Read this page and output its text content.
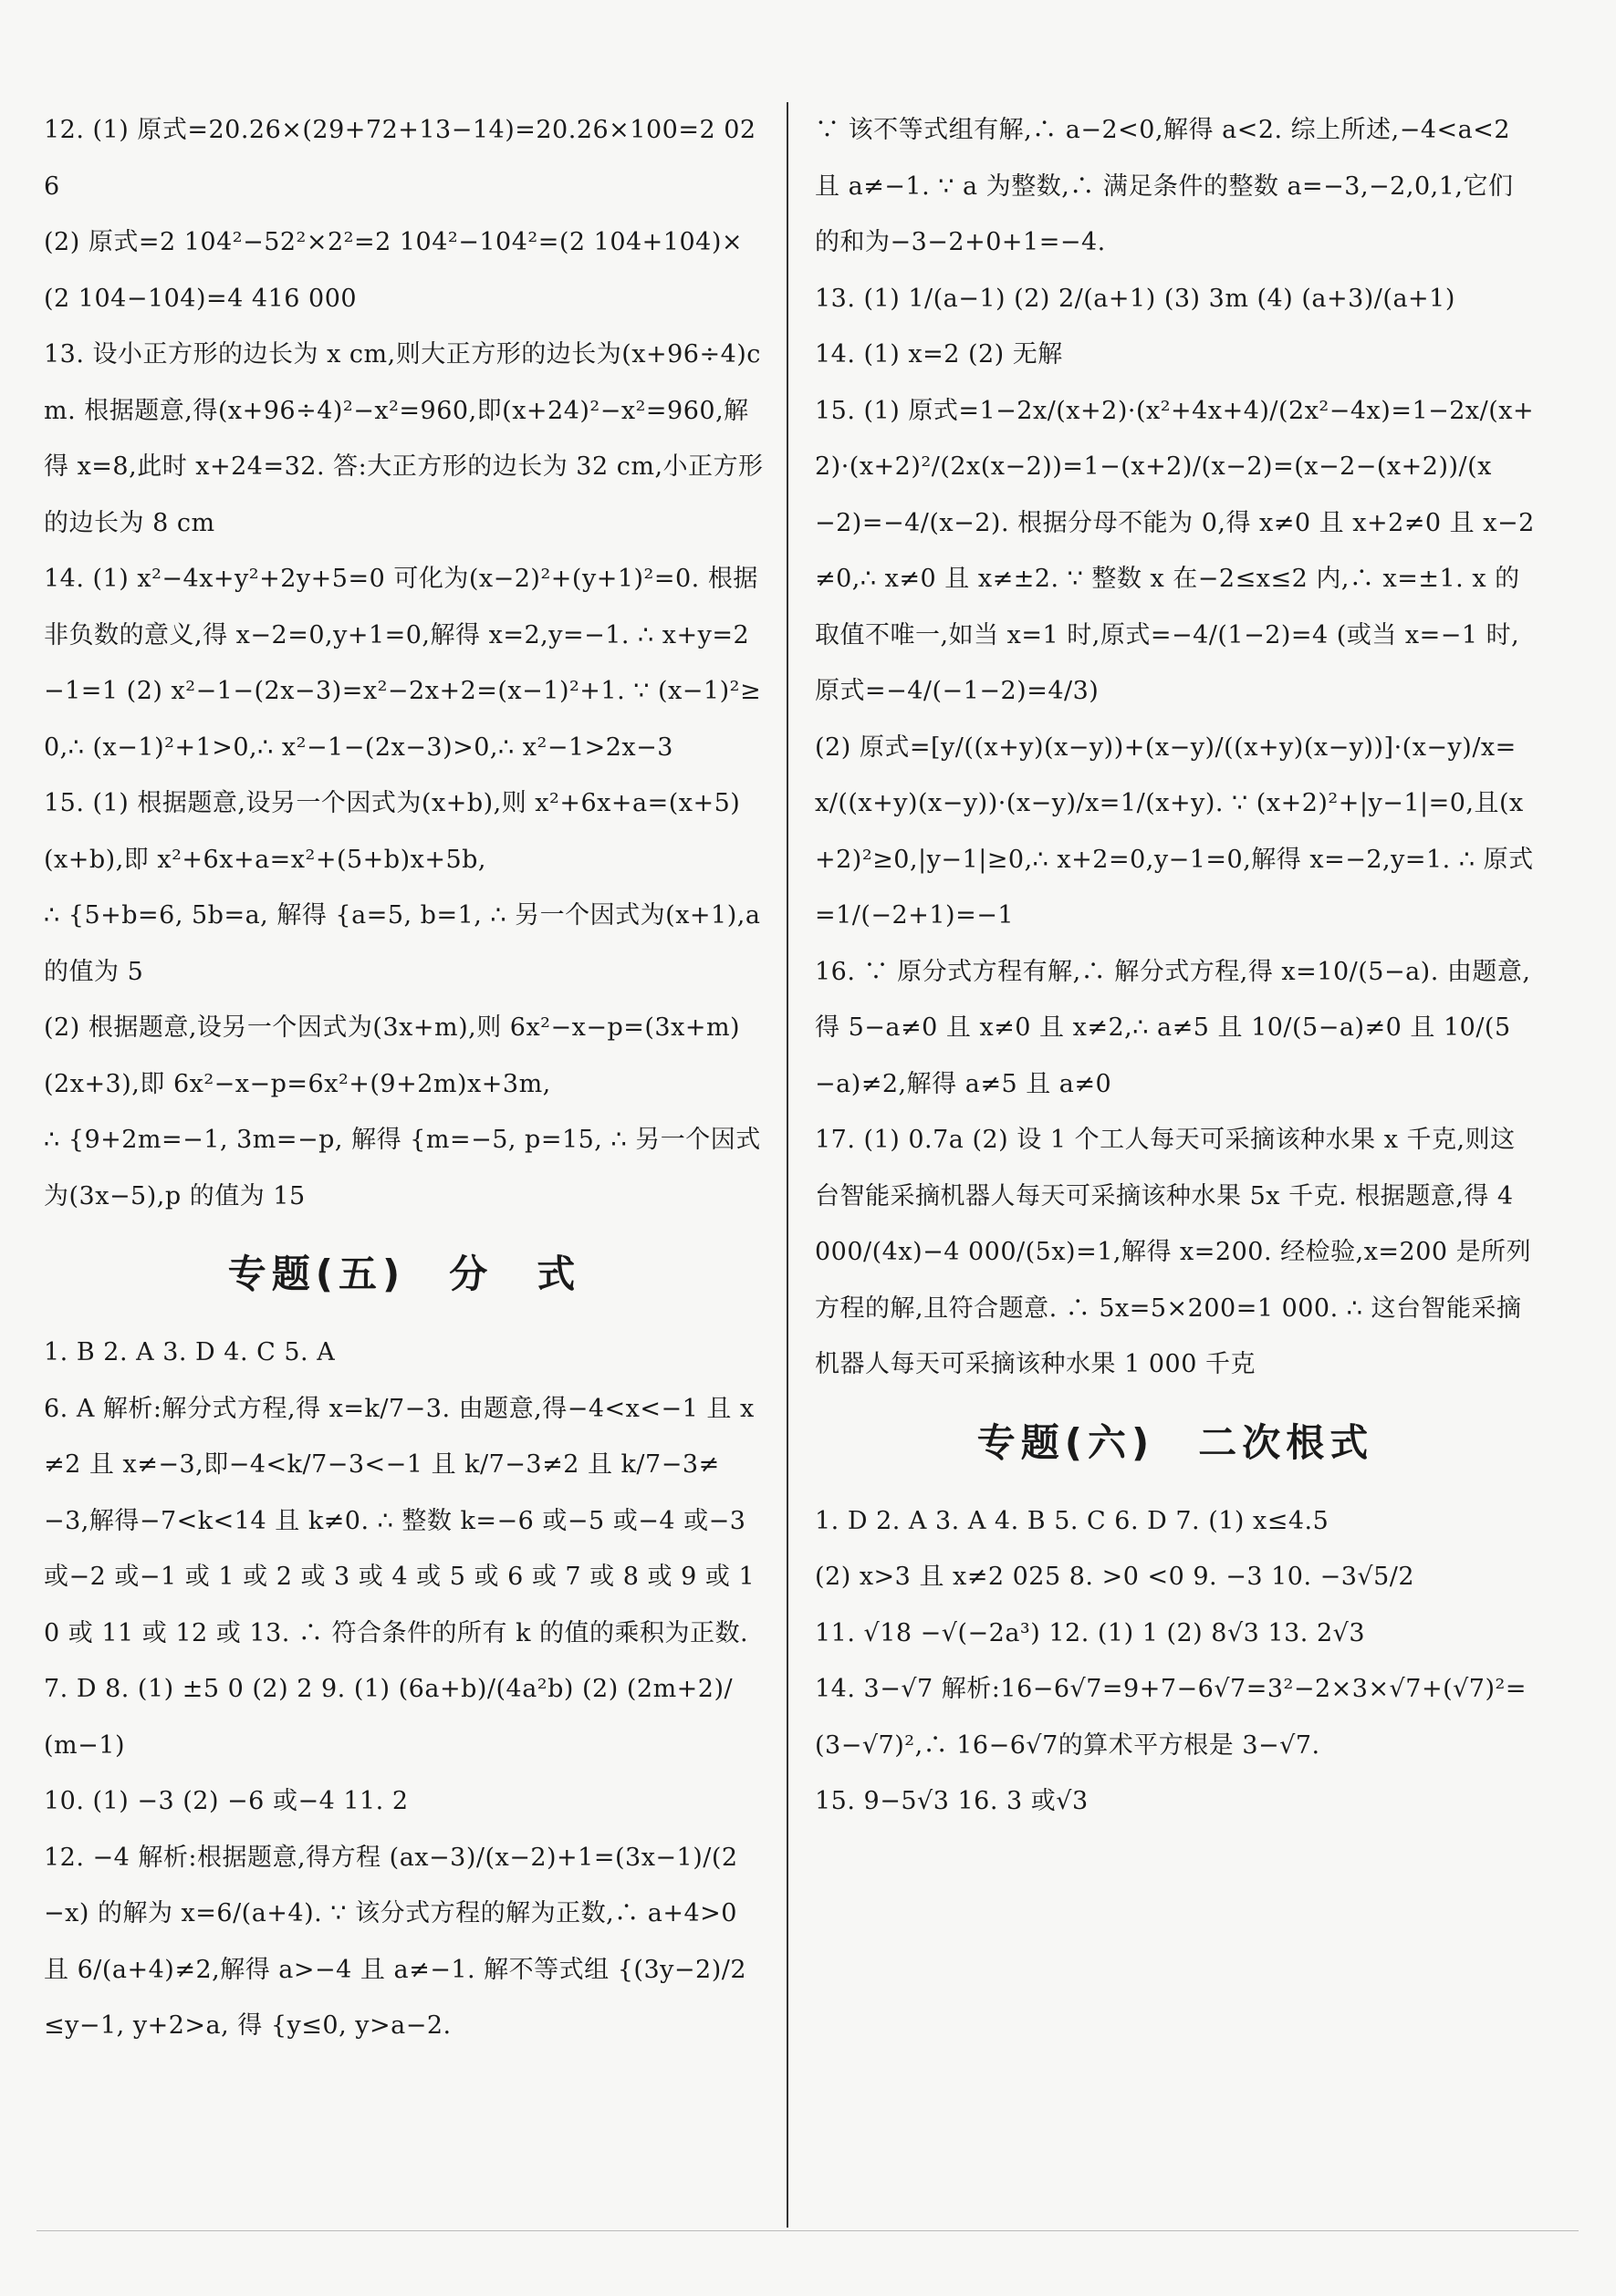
12. (1) 原式=20.26×(29+72+13−14)=20.26×100=2 026

(2) 原式=2 104²−52²×2²=2 104²−104²=(2 104+104)×(2 104−104)=4 416 000

13. 设小正方形的边长为 x cm,则大正方形的边长为(x+96÷4)cm. 根据题意,得(x+96÷4)²−x²=960,即(x+24)²−x²=960,解得 x=8,此时 x+24=32. 答:大正方形的边长为 32 cm,小正方形的边长为 8 cm

14. (1) x²−4x+y²+2y+5=0 可化为(x−2)²+(y+1)²=0. 根据非负数的意义,得 x−2=0,y+1=0,解得 x=2,y=−1. ∴ x+y=2−1=1 (2) x²−1−(2x−3)=x²−2x+2=(x−1)²+1. ∵ (x−1)²≥0,∴ (x−1)²+1>0,∴ x²−1−(2x−3)>0,∴ x²−1>2x−3

15. (1) 根据题意,设另一个因式为(x+b),则 x²+6x+a=(x+5)(x+b),即 x²+6x+a=x²+(5+b)x+5b,

∴ {5+b=6, 5b=a, 解得 {a=5, b=1, ∴ 另一个因式为(x+1),a 的值为 5

(2) 根据题意,设另一个因式为(3x+m),则 6x²−x−p=(3x+m)(2x+3),即 6x²−x−p=6x²+(9+2m)x+3m,

∴ {9+2m=−1, 3m=−p, 解得 {m=−5, p=15, ∴ 另一个因式为(3x−5),p 的值为 15

专题(五)　分　式

1. B 2. A 3. D 4. C 5. A

6. A 解析:解分式方程,得 x=k/7−3. 由题意,得−4<x<−1 且 x≠2 且 x≠−3,即−4<k/7−3<−1 且 k/7−3≠2 且 k/7−3≠−3,解得−7<k<14 且 k≠0. ∴ 整数 k=−6 或−5 或−4 或−3 或−2 或−1 或 1 或 2 或 3 或 4 或 5 或 6 或 7 或 8 或 9 或 10 或 11 或 12 或 13. ∴ 符合条件的所有 k 的值的乘积为正数.

7. D 8. (1) ±5 0 (2) 2 9. (1) (6a+b)/(4a²b) (2) (2m+2)/(m−1)

10. (1) −3 (2) −6 或−4 11. 2

12. −4 解析:根据题意,得方程 (ax−3)/(x−2)+1=(3x−1)/(2−x) 的解为 x=6/(a+4). ∵ 该分式方程的解为正数,∴ a+4>0 且 6/(a+4)≠2,解得 a>−4 且 a≠−1. 解不等式组 {(3y−2)/2≤y−1, y+2>a, 得 {y≤0, y>a−2.

∵ 该不等式组有解,∴ a−2<0,解得 a<2. 综上所述,−4<a<2 且 a≠−1. ∵ a 为整数,∴ 满足条件的整数 a=−3,−2,0,1,它们的和为−3−2+0+1=−4.

13. (1) 1/(a−1) (2) 2/(a+1) (3) 3m (4) (a+3)/(a+1)

14. (1) x=2 (2) 无解

15. (1) 原式=1−2x/(x+2)·(x²+4x+4)/(2x²−4x)=1−2x/(x+2)·(x+2)²/(2x(x−2))=1−(x+2)/(x−2)=(x−2−(x+2))/(x−2)=−4/(x−2). 根据分母不能为 0,得 x≠0 且 x+2≠0 且 x−2≠0,∴ x≠0 且 x≠±2. ∵ 整数 x 在−2≤x≤2 内,∴ x=±1. x 的取值不唯一,如当 x=1 时,原式=−4/(1−2)=4 (或当 x=−1 时,原式=−4/(−1−2)=4/3)

(2) 原式=[y/((x+y)(x−y))+(x−y)/((x+y)(x−y))]·(x−y)/x=x/((x+y)(x−y))·(x−y)/x=1/(x+y). ∵ (x+2)²+|y−1|=0,且(x+2)²≥0,|y−1|≥0,∴ x+2=0,y−1=0,解得 x=−2,y=1. ∴ 原式=1/(−2+1)=−1

16. ∵ 原分式方程有解,∴ 解分式方程,得 x=10/(5−a). 由题意,得 5−a≠0 且 x≠0 且 x≠2,∴ a≠5 且 10/(5−a)≠0 且 10/(5−a)≠2,解得 a≠5 且 a≠0

17. (1) 0.7a (2) 设 1 个工人每天可采摘该种水果 x 千克,则这台智能采摘机器人每天可采摘该种水果 5x 千克. 根据题意,得 4 000/(4x)−4 000/(5x)=1,解得 x=200. 经检验,x=200 是所列方程的解,且符合题意. ∴ 5x=5×200=1 000. ∴ 这台智能采摘机器人每天可采摘该种水果 1 000 千克

专题(六)　二次根式

1. D 2. A 3. A 4. B 5. C 6. D 7. (1) x≤4.5

(2) x>3 且 x≠2 025 8. >0 <0 9. −3 10. −3√5/2

11. √18 −√(−2a³) 12. (1) 1 (2) 8√3 13. 2√3

14. 3−√7 解析:16−6√7=9+7−6√7=3²−2×3×√7+(√7)²=(3−√7)²,∴ 16−6√7的算术平方根是 3−√7.

15. 9−5√3 16. 3 或√3
